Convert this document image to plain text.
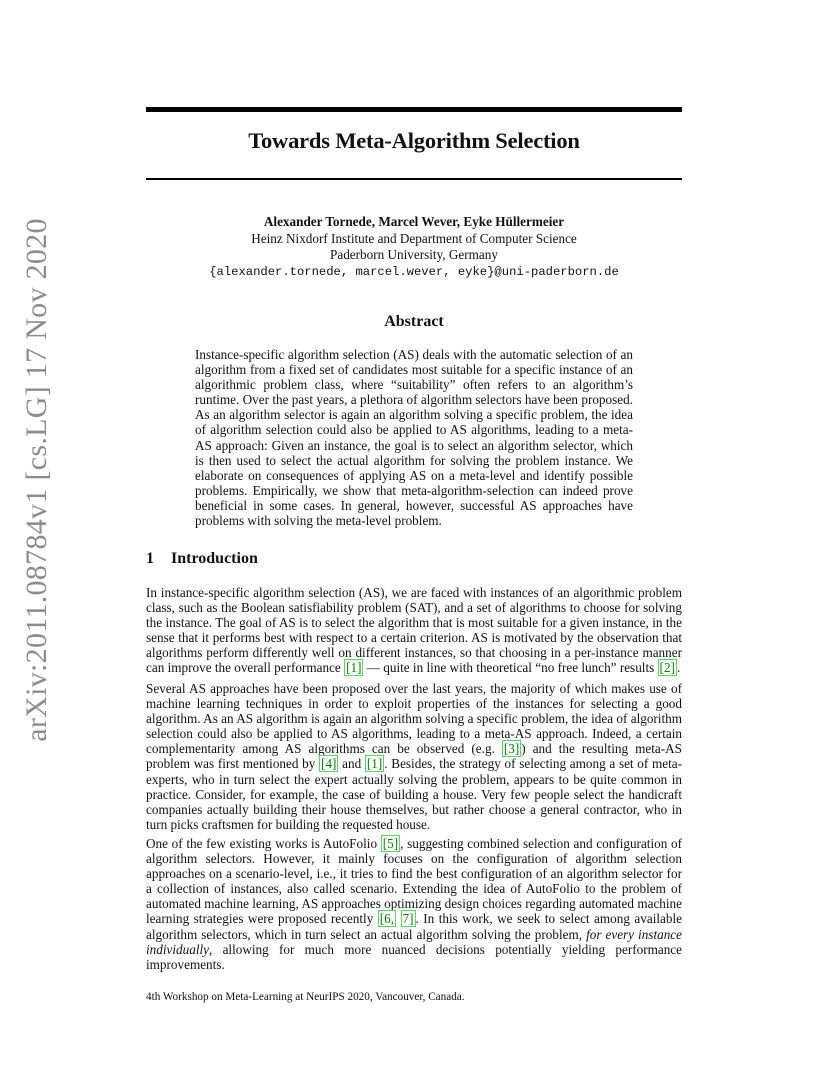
arXiv:2011.08784v1 [cs.LG] 17 Nov 2020
Towards Meta-Algorithm Selection
Alexander Tornede, Marcel Wever, Eyke Hüllermeier
Heinz Nixdorf Institute and Department of Computer Science
Paderborn University, Germany
{alexander.tornede, marcel.wever, eyke}@uni-paderborn.de
Abstract
Instance-specific algorithm selection (AS) deals with the automatic selection of an algorithm from a fixed set of candidates most suitable for a specific instance of an algorithmic problem class, where “suitability” often refers to an algorithm’s runtime. Over the past years, a plethora of algorithm selectors have been proposed. As an algorithm selector is again an algorithm solving a specific problem, the idea of algorithm selection could also be applied to AS algorithms, leading to a meta-AS approach: Given an instance, the goal is to select an algorithm selector, which is then used to select the actual algorithm for solving the problem instance. We elaborate on consequences of applying AS on a meta-level and identify possible problems. Empirically, we show that meta-algorithm-selection can indeed prove beneficial in some cases. In general, however, successful AS approaches have problems with solving the meta-level problem.
1 Introduction

In instance-specific algorithm selection (AS), we are faced with instances of an algorithmic problem class, such as the Boolean satisfiability problem (SAT), and a set of algorithms to choose for solving the instance. The goal of AS is to select the algorithm that is most suitable for a given instance, in the sense that it performs best with respect to a certain criterion. AS is motivated by the observation that algorithms perform differently well on different instances, so that choosing in a per-instance manner can improve the overall performance [1] — quite in line with theoretical “no free lunch” results [2] .

Several AS approaches have been proposed over the last years, the majority of which makes use of machine learning techniques in order to exploit properties of the instances for selecting a good algorithm. As an AS algorithm is again an algorithm solving a specific problem, the idea of algorithm selection could also be applied to AS algorithms, leading to a meta-AS approach. Indeed, a certain complementarity among AS algorithms can be observed (e.g. [3] ) and the resulting meta-AS problem was first mentioned by [4] and [1] . Besides, the strategy of selecting among a set of meta-experts, who in turn select the expert actually solving the problem, appears to be quite common in practice. Consider, for example, the case of building a house. Very few people select the handicraft companies actually building their house themselves, but rather choose a general contractor, who in turn picks craftsmen for building the requested house.

One of the few existing works is AutoFolio [5] , suggesting combined selection and configuration of algorithm selectors. However, it mainly focuses on the configuration of algorithm selection approaches on a scenario-level, i.e., it tries to find the best configuration of an algorithm selector for a collection of instances, also called scenario. Extending the idea of AutoFolio to the problem of automated machine learning, AS approaches optimizing design choices regarding automated machine learning strategies were proposed recently [6, 7] . In this work, we seek to select among available algorithm selectors, which in turn select an actual algorithm solving the problem, for every instance individually, allowing for much more nuanced decisions potentially yielding performance improvements.

4th Workshop on Meta-Learning at NeurIPS 2020, Vancouver, Canada.
